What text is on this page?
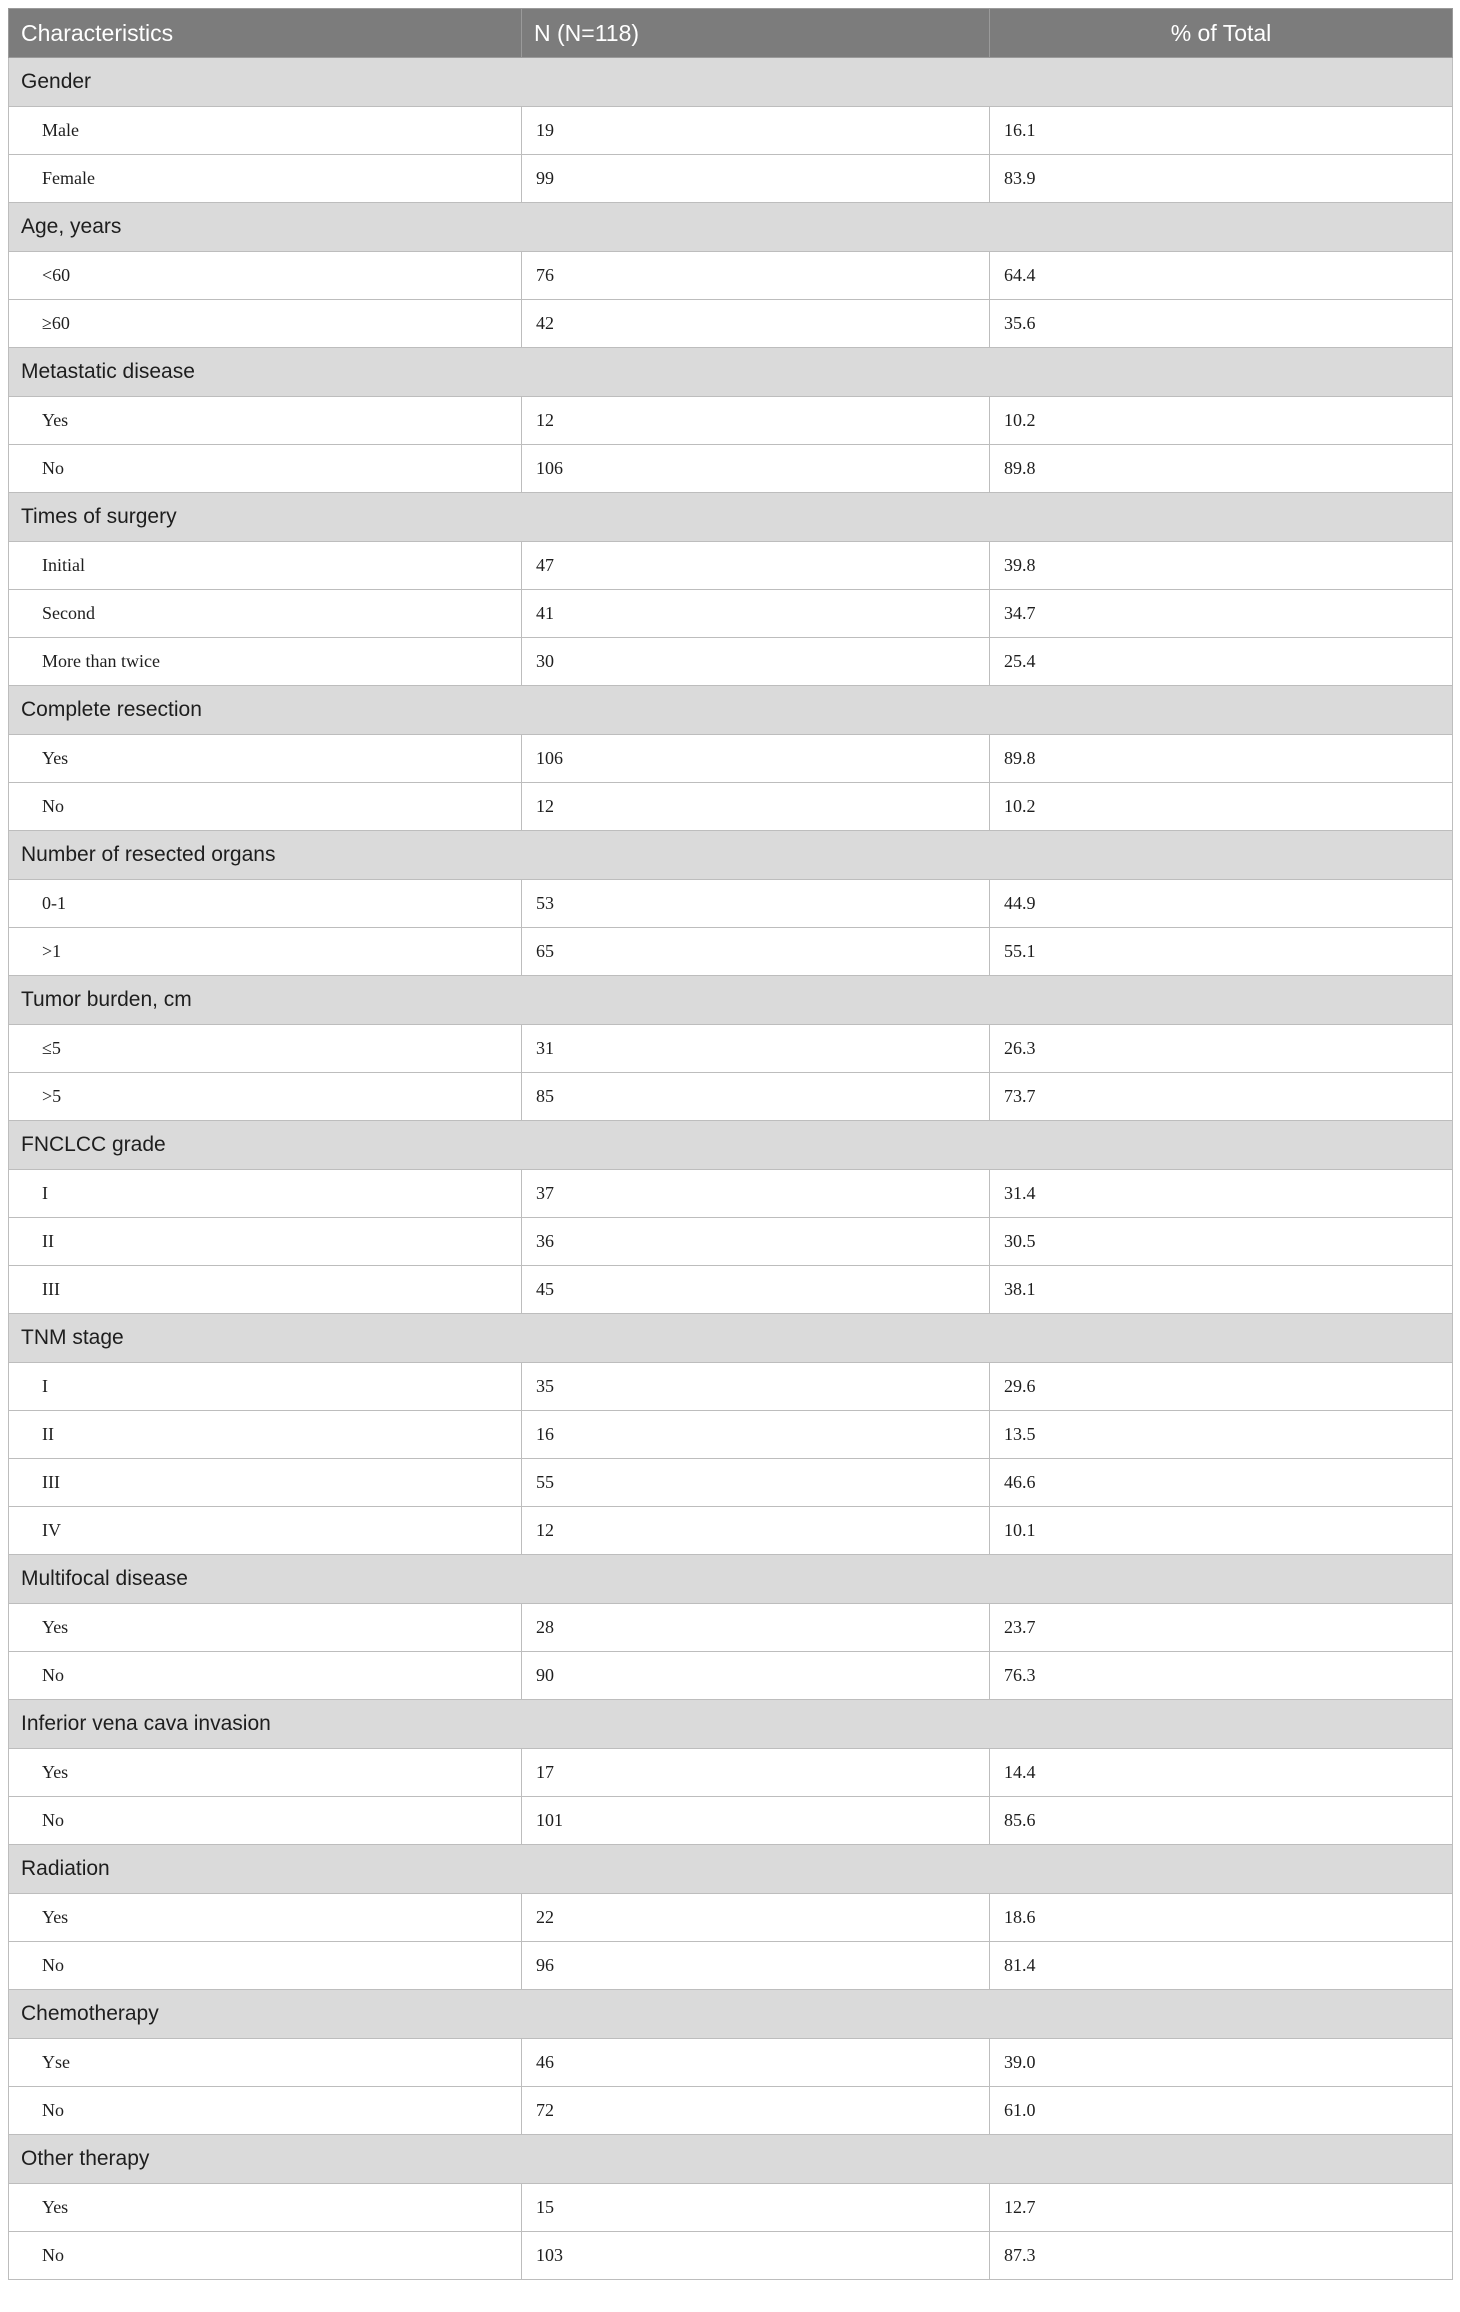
Characteristics	N (N=118)	% of Total
Gender		
Male	19	16.1
Female	99	83.9
Age, years		
<60	76	64.4
≥60	42	35.6
Metastatic disease		
Yes	12	10.2
No	106	89.8
Times of surgery		
Initial	47	39.8
Second	41	34.7
More than twice	30	25.4
Complete resection		
Yes	106	89.8
No	12	10.2
Number of resected organs		
0-1	53	44.9
>1	65	55.1
Tumor burden, cm		
≤5	31	26.3
>5	85	73.7
FNCLCC grade		
I	37	31.4
II	36	30.5
III	45	38.1
TNM stage		
I	35	29.6
II	16	13.5
III	55	46.6
IV	12	10.1
Multifocal disease		
Yes	28	23.7
No	90	76.3
Inferior vena cava invasion		
Yes	17	14.4
No	101	85.6
Radiation		
Yes	22	18.6
No	96	81.4
Chemotherapy		
Yse	46	39.0
No	72	61.0
Other therapy		
Yes	15	12.7
No	103	87.3
